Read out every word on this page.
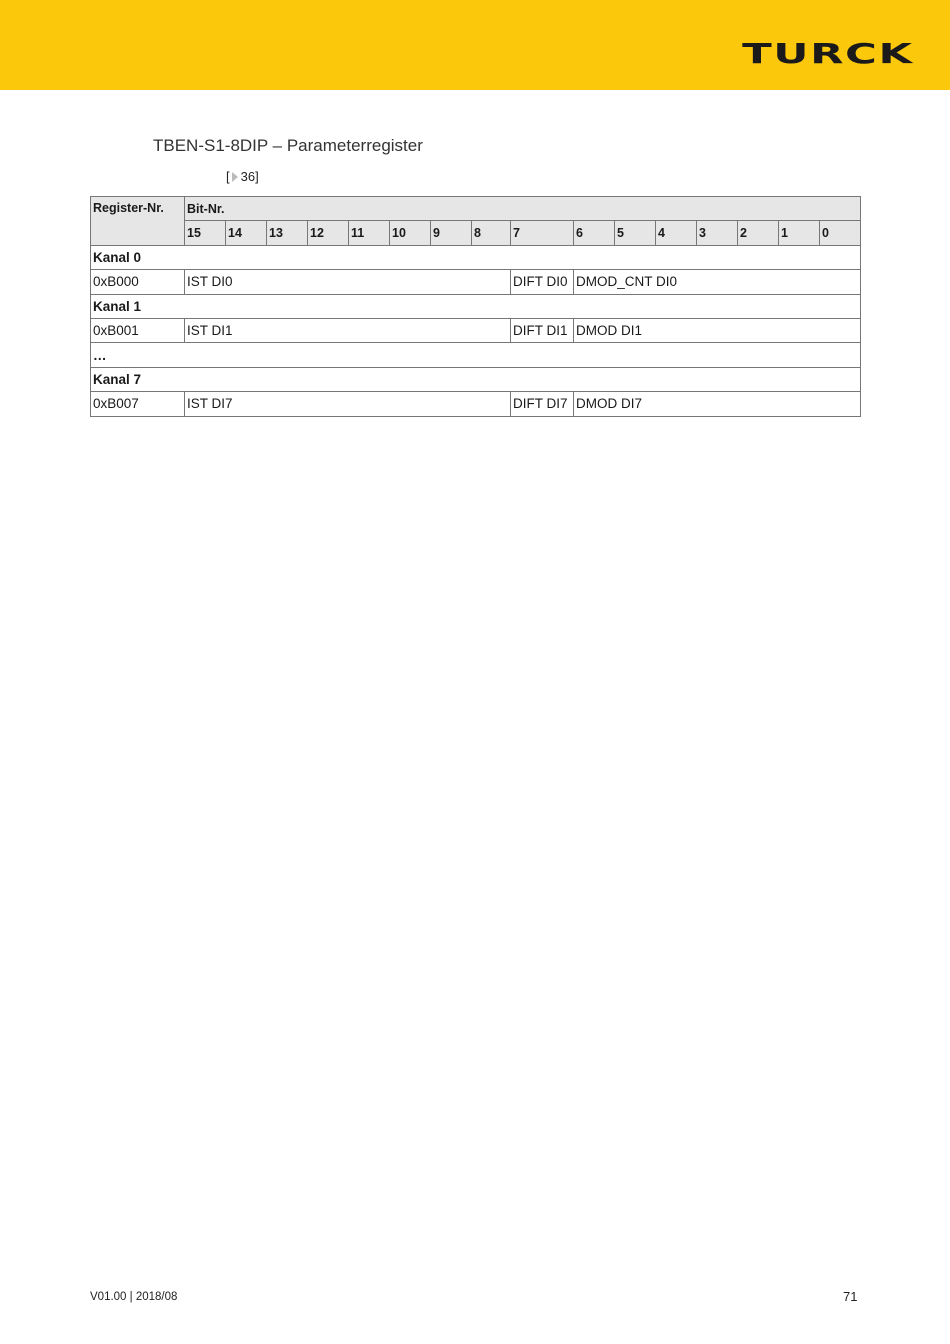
TURCK
TBEN-S1-8DIP – Parameterregister
[ 36]
Register-Nr.	Bit-Nr.															
	15	14	13	12	11	10	9	8	7	6	5	4	3	2	1	0
Kanal 0																
0xB000	IST DI0								DIFT DI0	DMOD_CNT DI0						
Kanal 1																
0xB001	IST DI1								DIFT DI1	DMOD DI1						
…																
Kanal 7																
0xB007	IST DI7								DIFT DI7	DMOD DI7						
V01.00 | 2018/08	71
